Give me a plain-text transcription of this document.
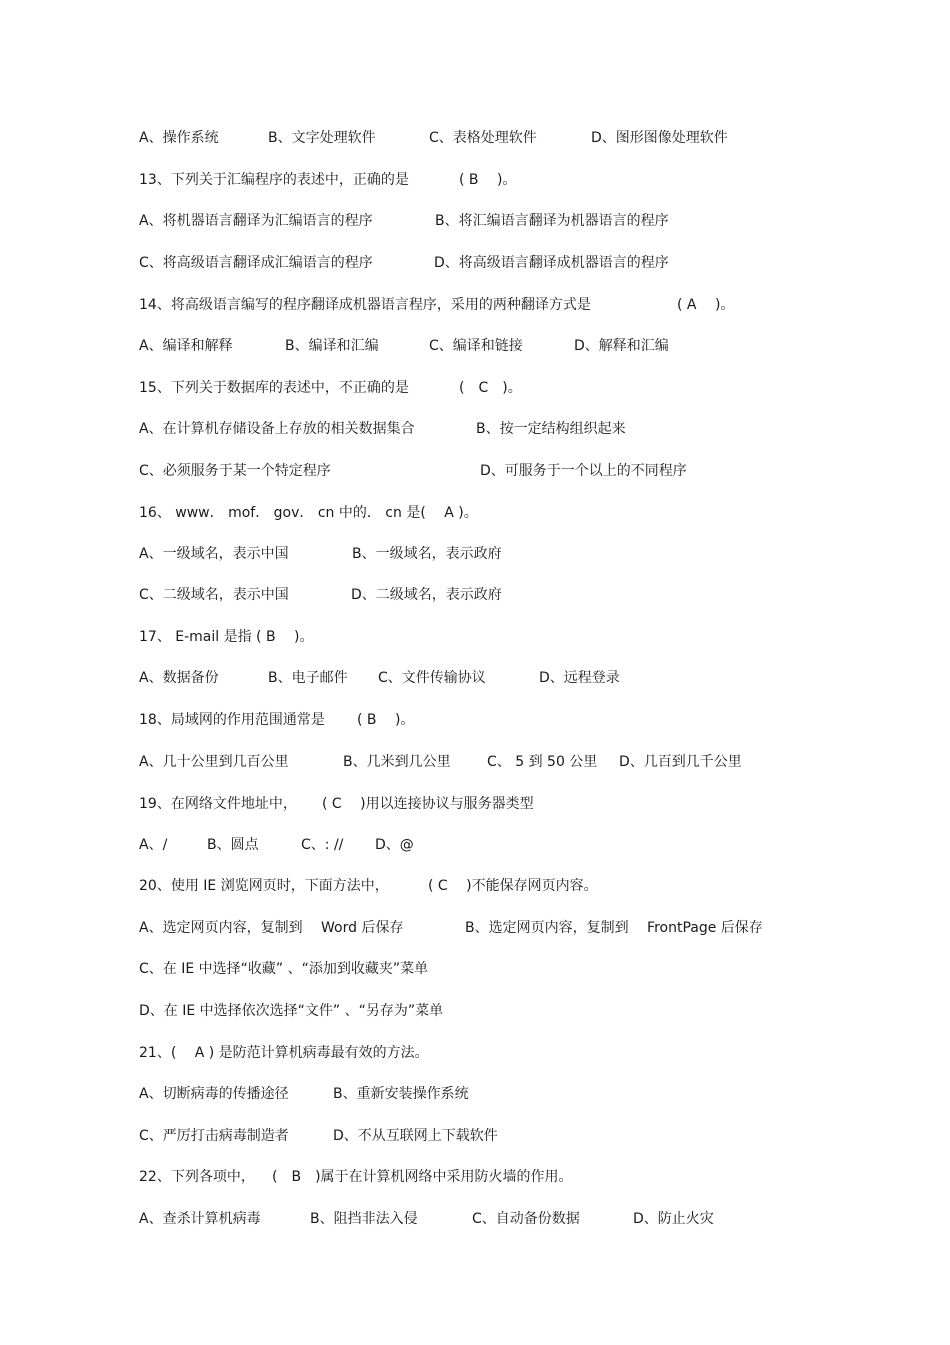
A、操作系统	B、文字处理软件	C、表格处理软件	D、图形图像处理软件
13、下列关于汇编程序的表述中，正确的是	( B　 )。
A、将机器语言翻译为汇编语言的程序	B、将汇编语言翻译为机器语言的程序
C、将高级语言翻译成汇编语言的程序	D、将高级语言翻译成机器语言的程序
14、将高级语言编写的程序翻译成机器语言程序，采用的两种翻译方式是	( A　 )。
A、编译和解释	B、编译和汇编	C、编译和链接	D、解释和汇编
15、下列关于数据库的表述中，不正确的是	(　C　)。
A、在计算机存储设备上存放的相关数据集合	B、按一定结构组织起来
C、必须服务于某一个特定程序	D、可服务于一个以上的不同程序
16、 www． mof． gov． cn 中的． cn 是(　 A )。
A、一级域名，表示中国	B、一级域名，表示政府
C、二级域名，表示中国	D、二级域名，表示政府
17、 E-mail 是指 ( B　 )。
A、数据备份	B、电子邮件 C、文件传输协议	D、远程登录
18、局域网的作用范围通常是 ( B　 )。
A、几十公里到几百公里	B、几米到几公里	C、 5 到 50 公里 D、几百到几千公里
19、在网络文件地址中， ( C　 )用以连接协议与服务器类型
A、/	B、圆点	C、: // D、@
20、使用 IE 浏览网页时，下面方法中，	( C　 )不能保存网页内容。
A、选定网页内容，复制到　 Word 后保存	B、选定网页内容，复制到　 FrontPage 后保存
C、在 IE 中选择“收藏” 、“添加到收藏夹”菜单
D、在 IE 中选择依次选择“文件” 、“另存为”菜单
21、(　 A ) 是防范计算机病毒最有效的方法。
A、切断病毒的传播途径	B、重新安装操作系统
C、严厉打击病毒制造者	D、不从互联网上下载软件
22、下列各项中， (　B　)属于在计算机网络中采用防火墙的作用。
A、查杀计算机病毒	B、阻挡非法入侵	C、自动备份数据	D、防止火灾
